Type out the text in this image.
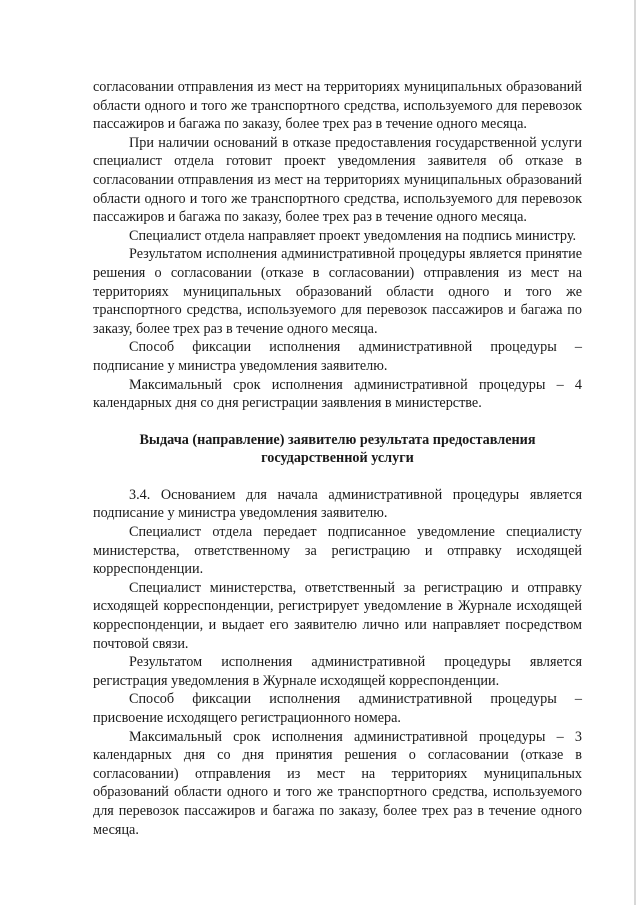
согласовании отправления из мест на территориях муниципальных образований области одного и того же транспортного средства, используемого для перевозок пассажиров и багажа по заказу, более трех раз в течение одного месяца.

При наличии оснований в отказе предоставления государственной услуги специалист отдела готовит проект уведомления заявителя об отказе в согласовании отправления из мест на территориях муниципальных образований области одного и того же транспортного средства, используемого для перевозок пассажиров и багажа по заказу, более трех раз в течение одного месяца.

Специалист отдела направляет проект уведомления на подпись министру.

Результатом исполнения административной процедуры является принятие решения о согласовании (отказе в согласовании) отправления из мест на территориях муниципальных образований области одного и того же транспортного средства, используемого для перевозок пассажиров и багажа по заказу, более трех раз в течение одного месяца.

Способ фиксации исполнения административной процедуры – подписание у министра уведомления заявителю.

Максимальный срок исполнения административной процедуры – 4 календарных дня со дня регистрации заявления в министерстве.

Выдача (направление) заявителю результата предоставления
государственной услуги

3.4. Основанием для начала административной процедуры является подписание у министра уведомления заявителю.

Специалист отдела передает подписанное уведомление специалисту министерства, ответственному за регистрацию и отправку исходящей корреспонденции.

Специалист министерства, ответственный за регистрацию и отправку исходящей корреспонденции, регистрирует уведомление в Журнале исходящей корреспонденции, и выдает его заявителю лично или направляет посредством почтовой связи.

Результатом исполнения административной процедуры является регистрация уведомления в Журнале исходящей корреспонденции.

Способ фиксации исполнения административной процедуры – присвоение исходящего регистрационного номера.

Максимальный срок исполнения административной процедуры – 3 календарных дня со дня принятия решения о согласовании (отказе в согласовании) отправления из мест на территориях муниципальных образований области одного и того же транспортного средства, используемого для перевозок пассажиров и багажа по заказу, более трех раз в течение одного месяца.
